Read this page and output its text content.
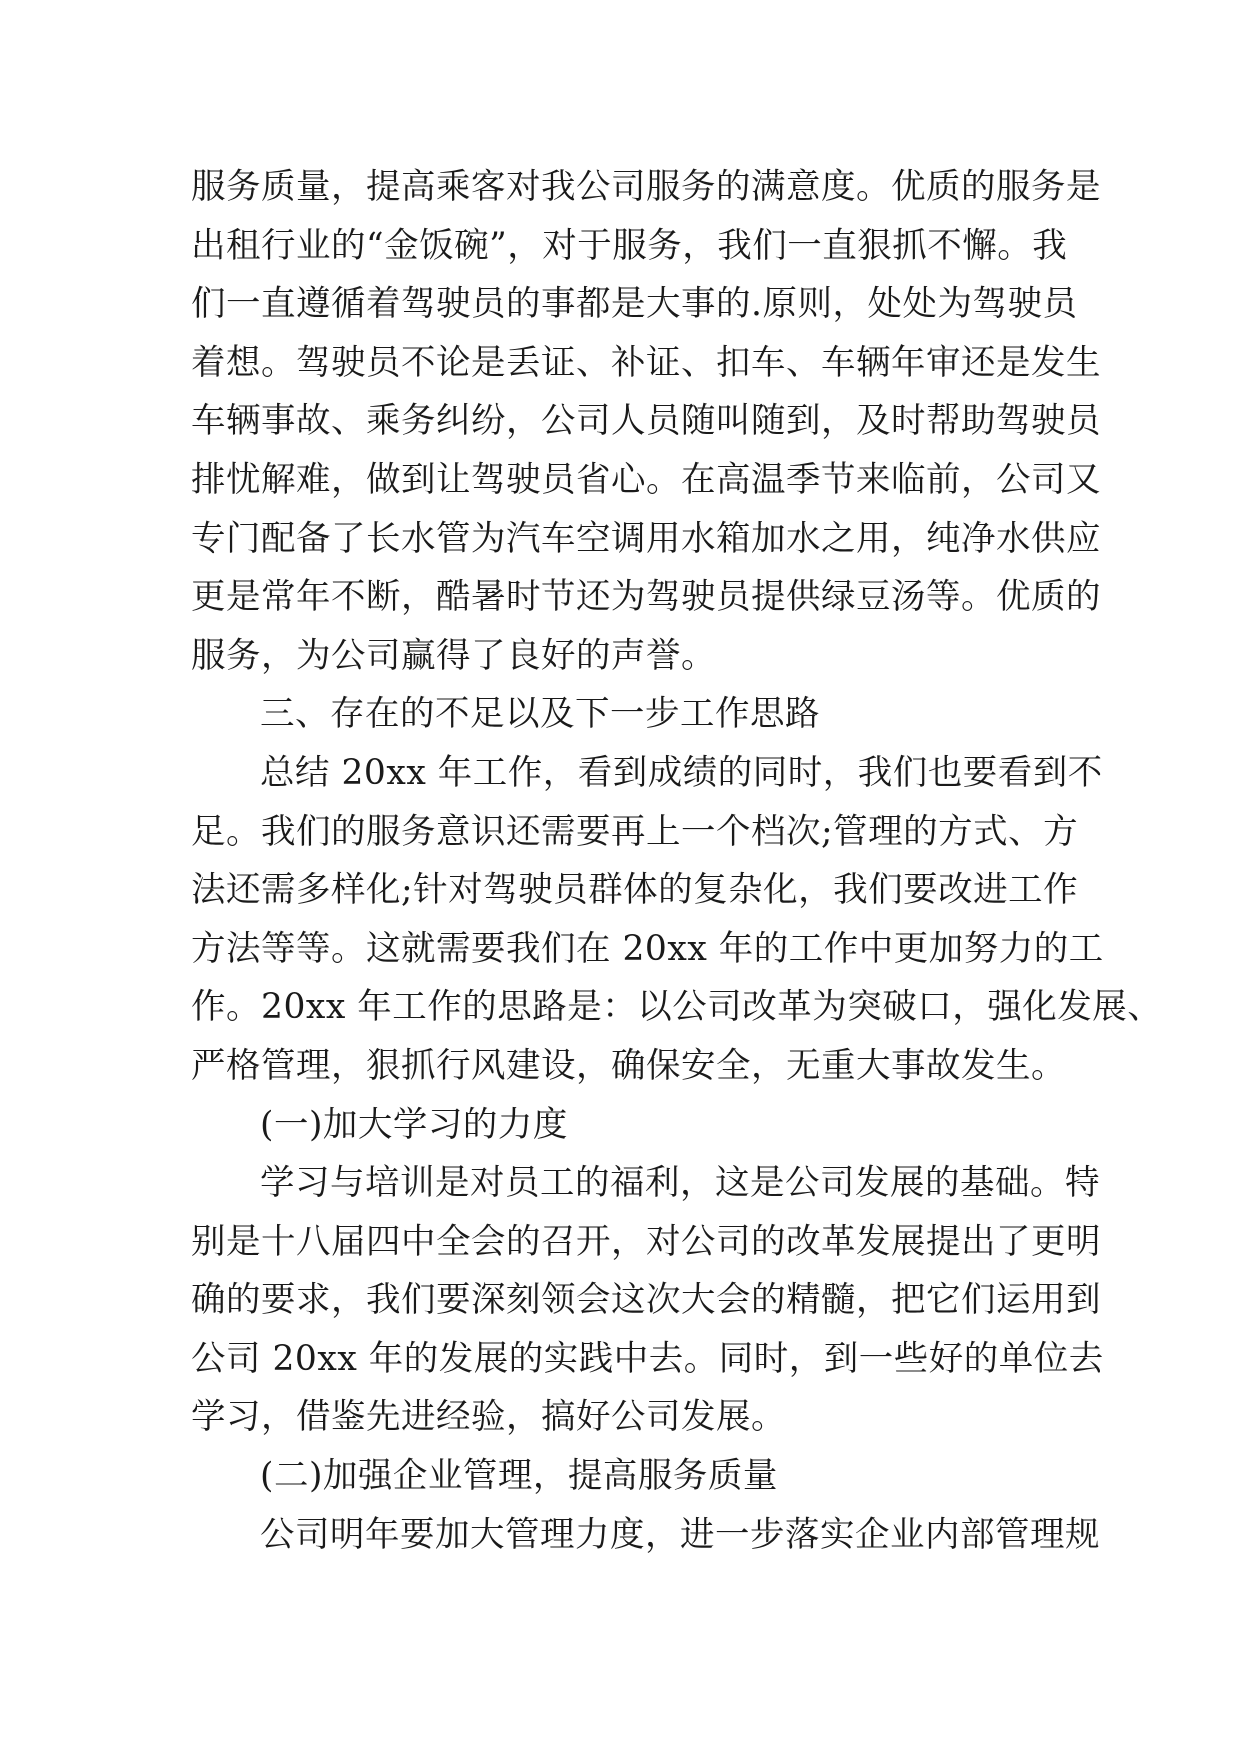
服务质量，提高乘客对我公司服务的满意度。优质的服务是
出租行业的“金饭碗”，对于服务，我们一直狠抓不懈。我
们一直遵循着驾驶员的事都是大事的.原则，处处为驾驶员
着想。驾驶员不论是丢证、补证、扣车、车辆年审还是发生
车辆事故、乘务纠纷，公司人员随叫随到，及时帮助驾驶员
排忧解难，做到让驾驶员省心。在高温季节来临前，公司又
专门配备了长水管为汽车空调用水箱加水之用，纯净水供应
更是常年不断，酷暑时节还为驾驶员提供绿豆汤等。优质的
服务，为公司赢得了良好的声誉。
三、存在的不足以及下一步工作思路
总结 20xx 年工作，看到成绩的同时，我们也要看到不
足。我们的服务意识还需要再上一个档次;管理的方式、方
法还需多样化;针对驾驶员群体的复杂化，我们要改进工作
方法等等。这就需要我们在 20xx 年的工作中更加努力的工
作。20xx 年工作的思路是：以公司改革为突破口，强化发展、
严格管理，狠抓行风建设，确保安全，无重大事故发生。
(一)加大学习的力度
学习与培训是对员工的福利，这是公司发展的基础。特
别是十八届四中全会的召开，对公司的改革发展提出了更明
确的要求，我们要深刻领会这次大会的精髓，把它们运用到
公司 20xx 年的发展的实践中去。同时，到一些好的单位去
学习，借鉴先进经验，搞好公司发展。
(二)加强企业管理，提高服务质量
公司明年要加大管理力度，进一步落实企业内部管理规
